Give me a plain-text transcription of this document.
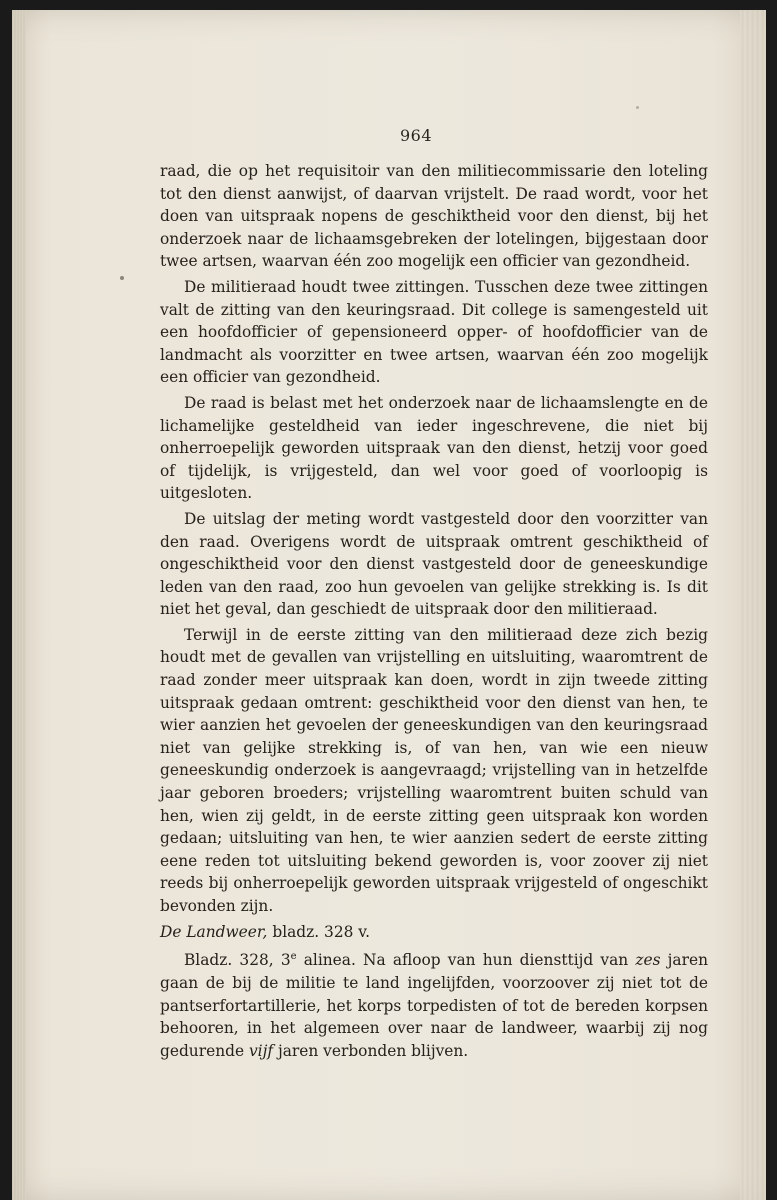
964

raad, die op het requisitoir van den militiecommissarie den loteling tot den dienst aanwijst, of daarvan vrijstelt. De raad wordt, voor het doen van uitspraak nopens de geschiktheid voor den dienst, bij het onderzoek naar de lichaamsgebreken der lotelingen, bijgestaan door twee artsen, waarvan één zoo mogelijk een officier van gezondheid.

De militieraad houdt twee zittingen. Tusschen deze twee zittingen valt de zitting van den keuringsraad. Dit college is samengesteld uit een hoofdofficier of gepensioneerd opper- of hoofdofficier van de landmacht als voorzitter en twee artsen, waarvan één zoo mogelijk een officier van gezondheid.

De raad is belast met het onderzoek naar de lichaamslengte en de lichamelijke gesteldheid van ieder ingeschrevene, die niet bij onherroepelijk geworden uitspraak van den dienst, hetzij voor goed of tijdelijk, is vrijgesteld, dan wel voor goed of voorloopig is uitgesloten.

De uitslag der meting wordt vastgesteld door den voorzitter van den raad. Overigens wordt de uitspraak omtrent geschiktheid of ongeschiktheid voor den dienst vastgesteld door de geneeskundige leden van den raad, zoo hun gevoelen van gelijke strekking is. Is dit niet het geval, dan geschiedt de uitspraak door den militieraad.

Terwijl in de eerste zitting van den militieraad deze zich bezig houdt met de gevallen van vrijstelling en uitsluiting, waaromtrent de raad zonder meer uitspraak kan doen, wordt in zijn tweede zitting uitspraak gedaan omtrent: geschiktheid voor den dienst van hen, te wier aanzien het gevoelen der geneeskundigen van den keuringsraad niet van gelijke strekking is, of van hen, van wie een nieuw geneeskundig onderzoek is aangevraagd; vrijstelling van in hetzelfde jaar geboren broeders; vrijstelling waaromtrent buiten schuld van hen, wien zij geldt, in de eerste zitting geen uitspraak kon worden gedaan; uitsluiting van hen, te wier aanzien sedert de eerste zitting eene reden tot uitsluiting bekend geworden is, voor zoover zij niet reeds bij onherroepelijk geworden uitspraak vrijgesteld of ongeschikt bevonden zijn.

De Landweer, bladz. 328 v.

Bladz. 328, 3e alinea. Na afloop van hun diensttijd van zes jaren gaan de bij de militie te land ingelijfden, voorzoover zij niet tot de pantserfortartillerie, het korps torpedisten of tot de bereden korpsen behooren, in het algemeen over naar de landweer, waarbij zij nog gedurende vijf jaren verbonden blijven.
